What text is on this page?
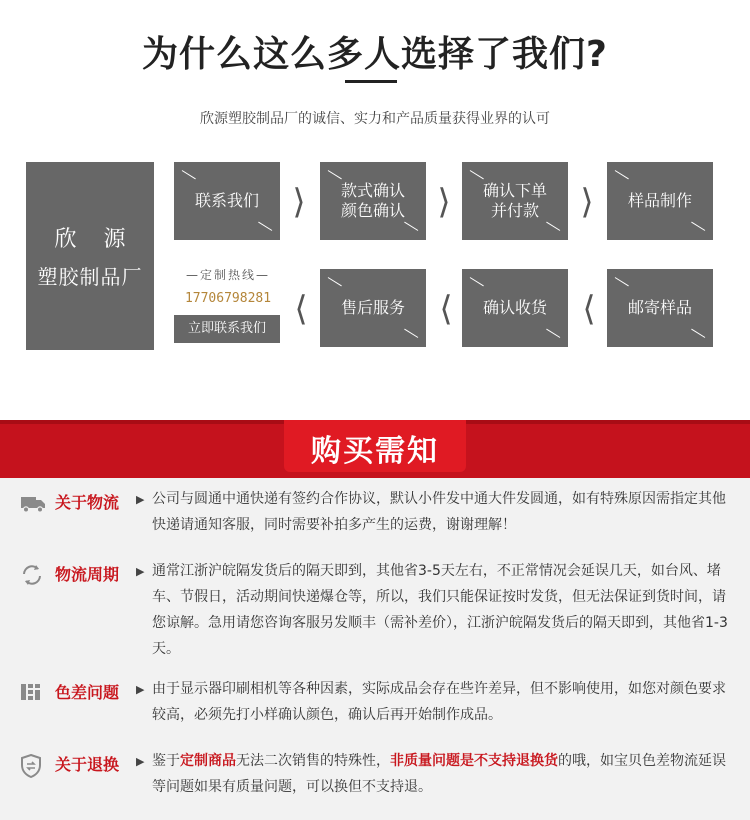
为什么这么多人选择了我们?
欣源塑胶制品厂的诚信、实力和产品质量获得业界的认可
欣 源
塑胶制品厂
联系我们 ⟩ 款式确认
颜色确认 ⟩ 确认下单
并付款 ⟩ 样品制作
—定制热线—
17706798281
立即联系我们 ⟨ 售后服务 ⟨ 确认收货 ⟨ 邮寄样品
购买需知
关于物流 ▶ 公司与圆通中通快递有签约合作协议，默认小件发中通大件发圆通，如有特殊原因需指定其他快递请通知客服，同时需要补拍多产生的运费，谢谢理解！
物流周期 ▶ 通常江浙沪皖隔发货后的隔天即到，其他省3-5天左右，不正常情况会延误几天，如台风、堵车、节假日，活动期间快递爆仓等，所以，我们只能保证按时发货，但无法保证到货时间，请您谅解。急用请您咨询客服另发顺丰（需补差价），江浙沪皖隔发货后的隔天即到，其他省1-3天。
色差问题 ▶ 由于显示器印刷相机等各种因素，实际成品会存在些许差异，但不影响使用，如您对颜色要求较高，必须先打小样确认颜色，确认后再开始制作成品。
关于退换 ▶ 鉴于定制商品无法二次销售的特殊性，非质量问题是不支持退换货的哦，如宝贝色差物流延误等问题如果有质量问题，可以换但不支持退。
